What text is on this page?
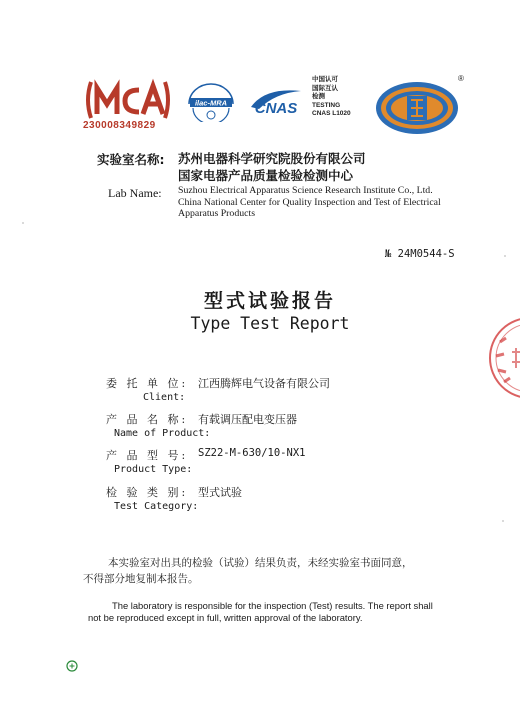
230008349829
ilac-MRA CNAS
中国认可
国际互认
检测
TESTING
CNAS L1020
®
实验室名称: 苏州电器科学研究院股份有限公司
国家电器产品质量检验检测中心
Lab Name: Suzhou Electrical Apparatus Science Research Institute Co., Ltd.
China National Center for Quality Inspection and Test of Electrical
Apparatus Products
№ 24M0544-S
型式试验报告
Type Test Report
委 托 单 位: 江西腾辉电气设备有限公司
Client:
产 品 名 称: 有载调压配电变压器
Name of Product:
产 品 型 号: SZ22-M-630/10-NX1
Product Type:
检 验 类 别: 型式试验
Test Category:
本实验室对出具的检验（试验）结果负责，未经实验室书面同意，
不得部分地复制本报告。
The laboratory is responsible for the inspection (Test) results. The report shall
not be reproduced except in full, written approval of the laboratory.
